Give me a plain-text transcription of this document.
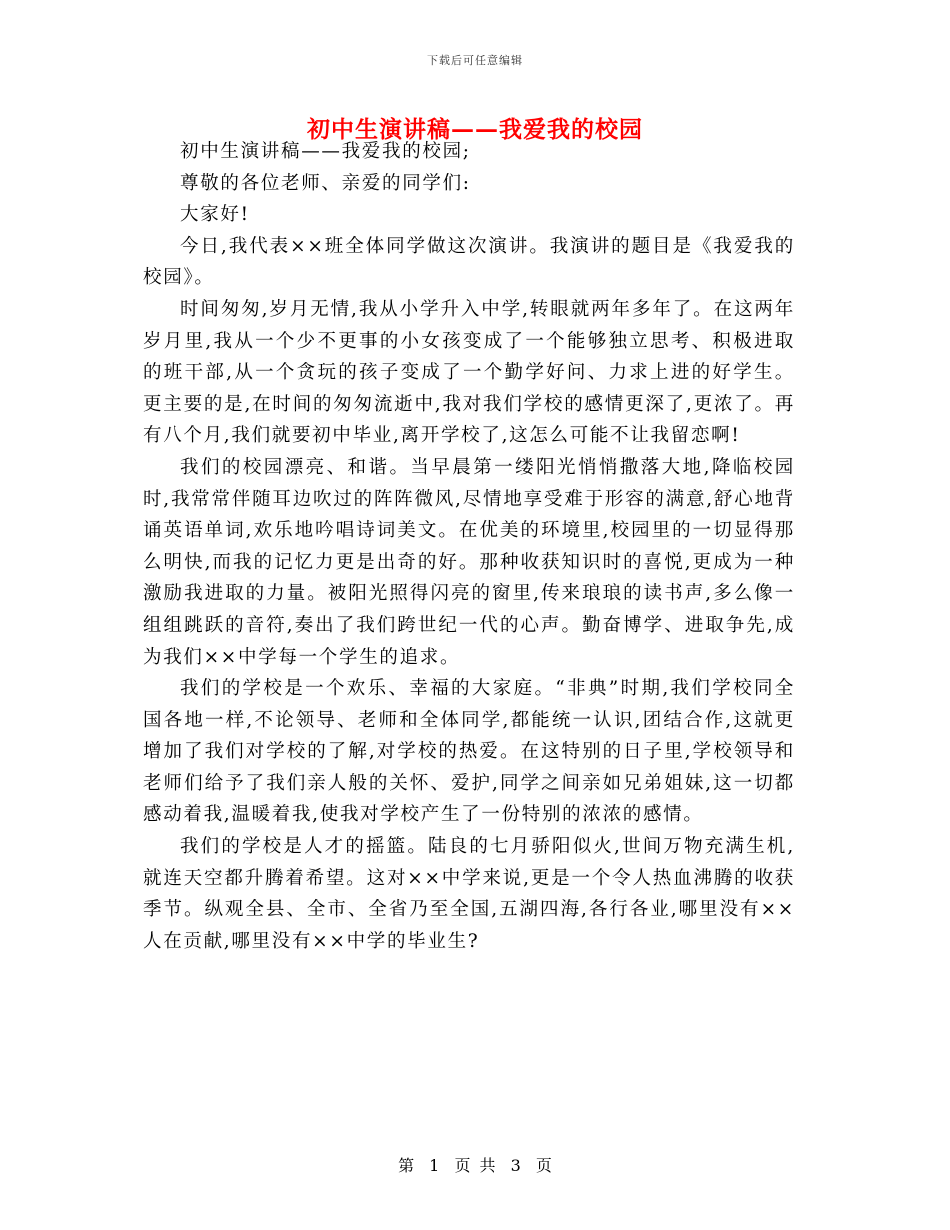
下载后可任意编辑
初中生演讲稿——我爱我的校园

初中生演讲稿——我爱我的校园;

尊敬的各位老师、亲爱的同学们:

大家好!

今日,我代表××班全体同学做这次演讲。我演讲的题目是《我爱我的校园》。

时间匆匆,岁月无情,我从小学升入中学,转眼就两年多年了。在这两年岁月里,我从一个少不更事的小女孩变成了一个能够独立思考、积极进取的班干部,从一个贪玩的孩子变成了一个勤学好问、力求上进的好学生。更主要的是,在时间的匆匆流逝中,我对我们学校的感情更深了,更浓了。再有八个月,我们就要初中毕业,离开学校了,这怎么可能不让我留恋啊!

我们的校园漂亮、和谐。当早晨第一缕阳光悄悄撒落大地,降临校园时,我常常伴随耳边吹过的阵阵微风,尽情地享受难于形容的满意,舒心地背诵英语单词,欢乐地吟唱诗词美文。在优美的环境里,校园里的一切显得那么明快,而我的记忆力更是出奇的好。那种收获知识时的喜悦,更成为一种激励我进取的力量。被阳光照得闪亮的窗里,传来琅琅的读书声,多么像一组组跳跃的音符,奏出了我们跨世纪一代的心声。勤奋博学、进取争先,成为我们××中学每一个学生的追求。

我们的学校是一个欢乐、幸福的大家庭。“非典”时期,我们学校同全国各地一样,不论领导、老师和全体同学,都能统一认识,团结合作,这就更增加了我们对学校的了解,对学校的热爱。在这特别的日子里,学校领导和老师们给予了我们亲人般的关怀、爱护,同学之间亲如兄弟姐妹,这一切都感动着我,温暖着我,使我对学校产生了一份特别的浓浓的感情。

我们的学校是人才的摇篮。陆良的七月骄阳似火,世间万物充满生机,就连天空都升腾着希望。这对××中学来说,更是一个令人热血沸腾的收获季节。纵观全县、全市、全省乃至全国,五湖四海,各行各业,哪里没有××人在贡献,哪里没有××中学的毕业生?

第 1 页 共 3 页
